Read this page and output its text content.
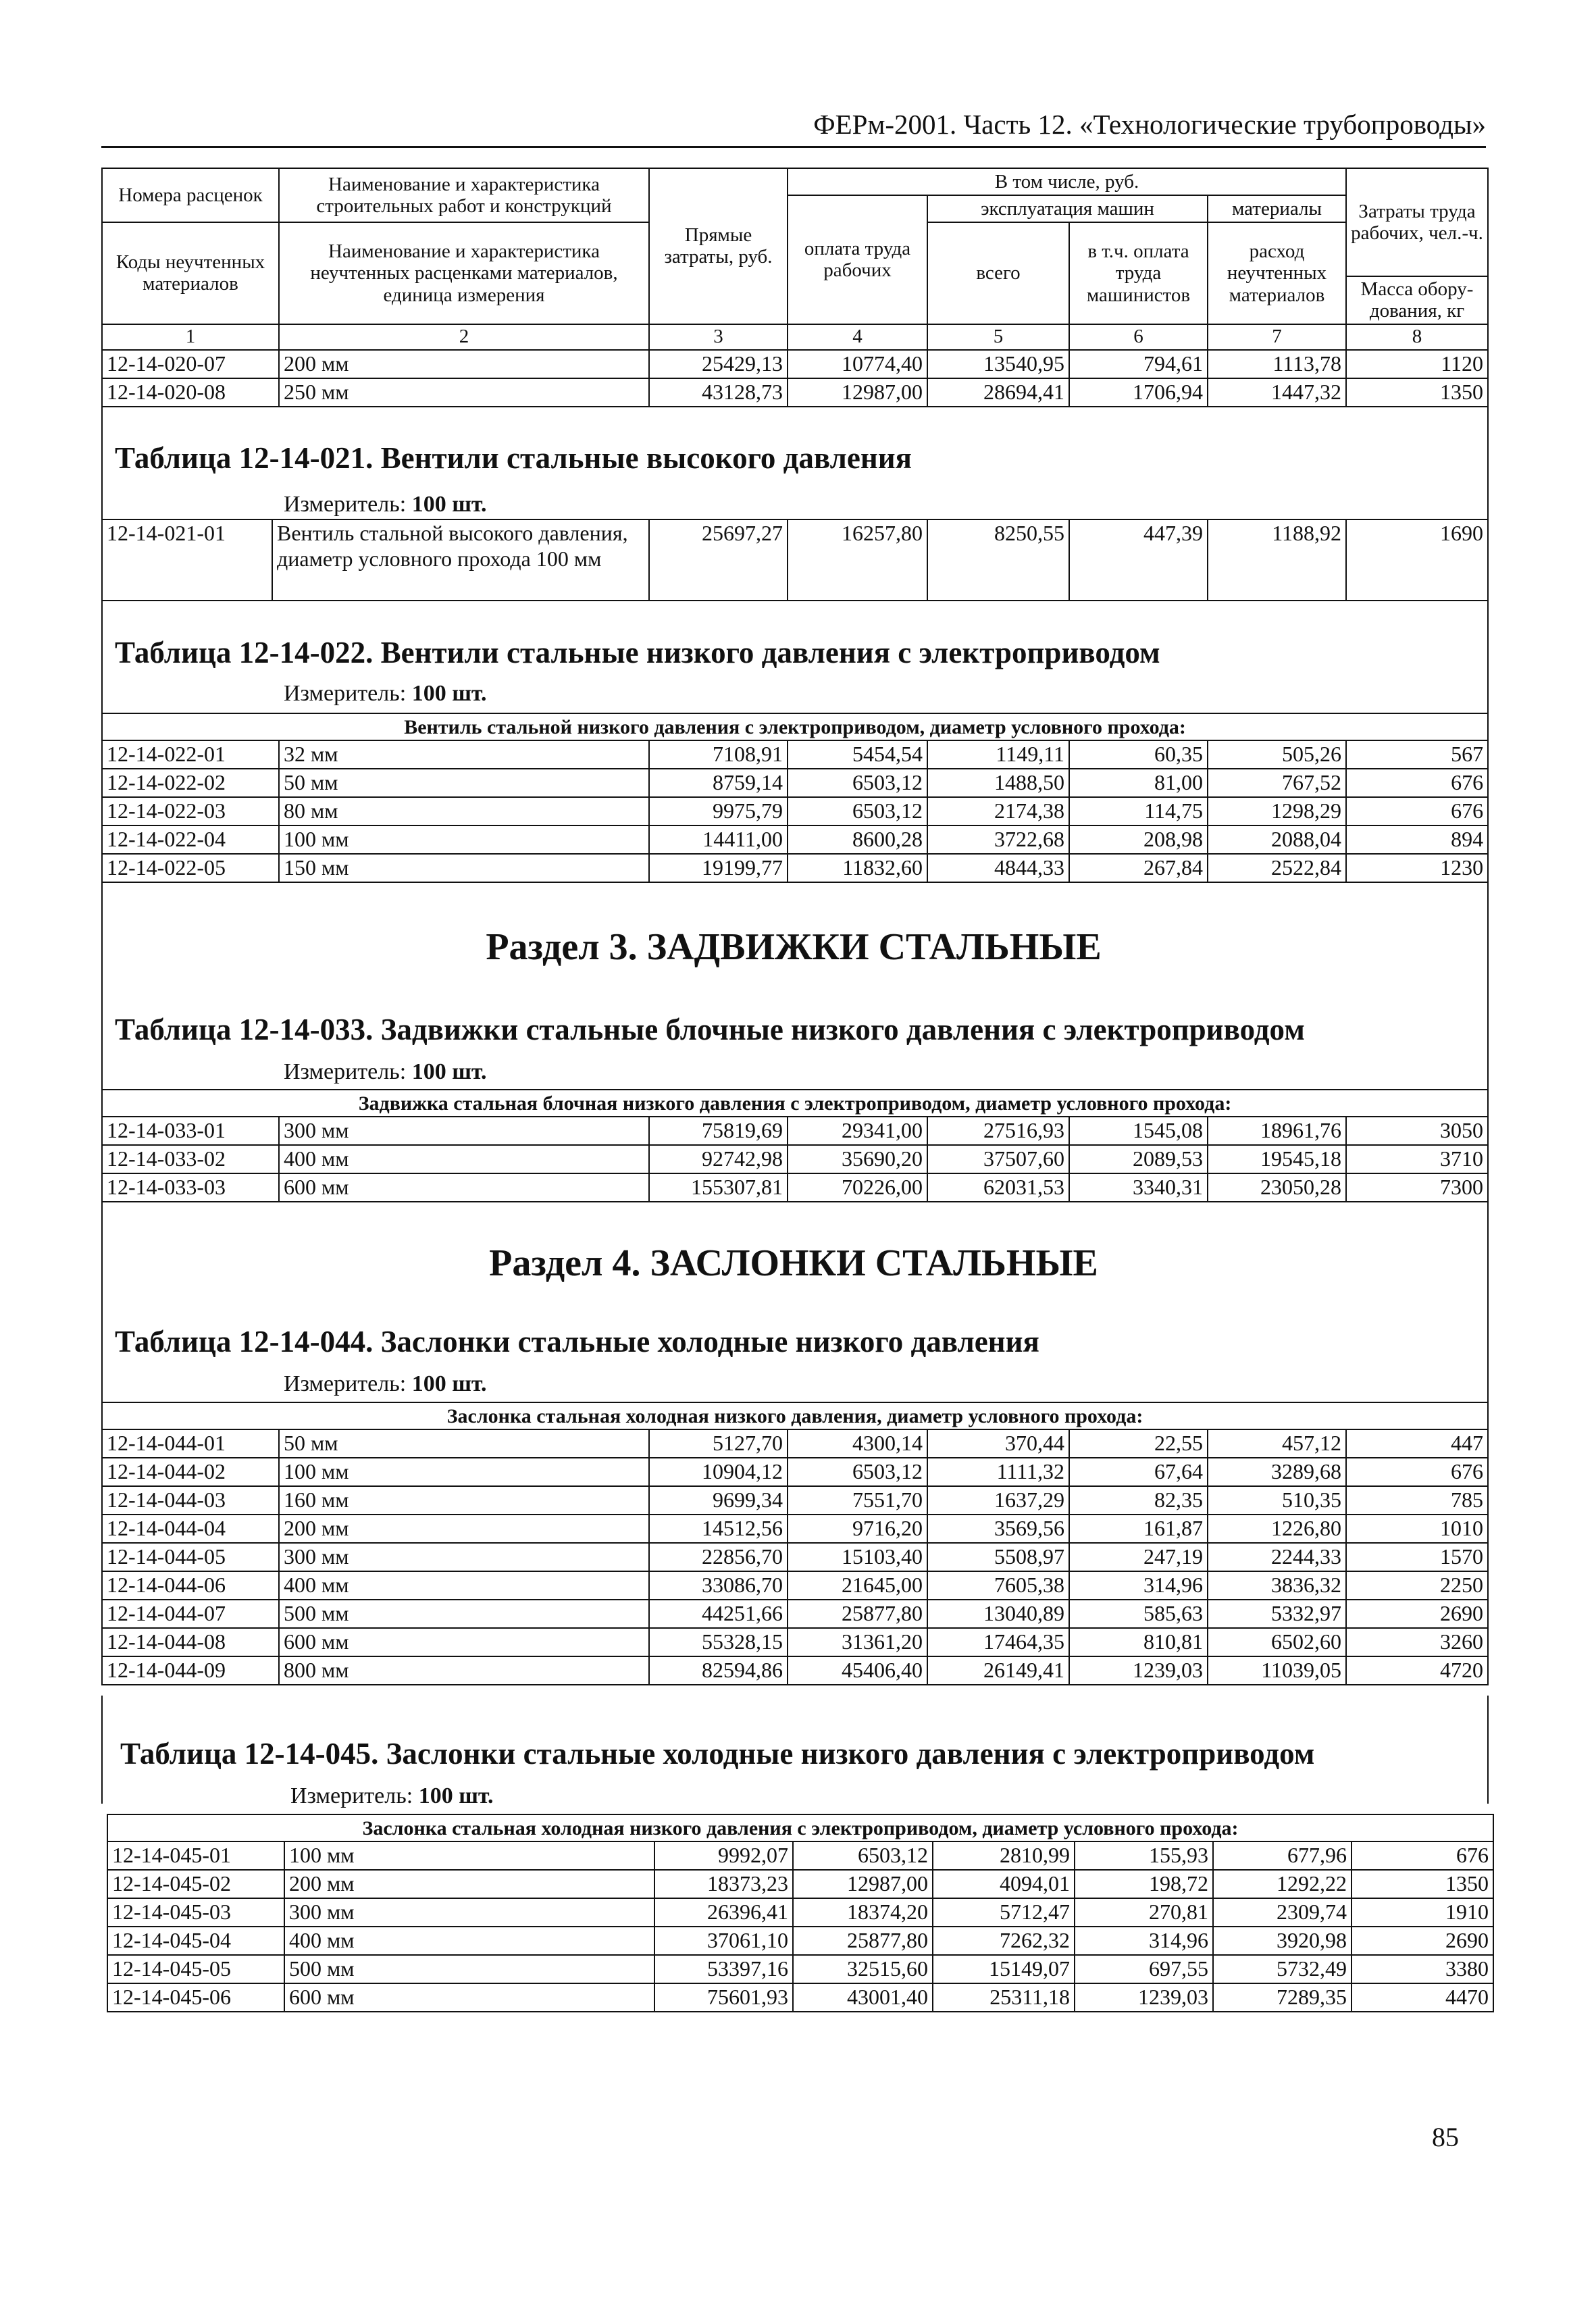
ФЕРм-2001. Часть 12. «Технологические трубопроводы»
Номера расценок	Наименование и характеристика строительных работ и конструкций	Прямые затраты, руб.	В том числе, руб.				Затраты труда рабочих, чел.-ч.
			оплата труда рабочих	эксплуатация машин		материалы	
Коды неучтенных материалов	Наименование и характеристика неучтенных расценками материалов, единица измерения			всего	в т.ч. оплата труда машинистов	расход неучтенных материалов	
							Масса обору- дования, кг
1	2	3	4	5	6	7	8
12-14-020-07	200 мм	25429,13	10774,40	13540,95	794,61	1113,78	1120
12-14-020-08	250 мм	43128,73	12987,00	28694,41	1706,94	1447,32	1350
Таблица 12-14-021. Вентили стальные высокого давления
Измеритель: 100 шт.
12-14-021-01	Вентиль стальной высокого давления, диаметр условного прохода 100 мм	25697,27	16257,80	8250,55	447,39	1188,92	1690
Таблица 12-14-022. Вентили стальные низкого давления с электроприводом
Измеритель: 100 шт.
Вентиль стальной низкого давления с электроприводом, диаметр условного прохода:							
12-14-022-01	32 мм	7108,91	5454,54	1149,11	60,35	505,26	567
12-14-022-02	50 мм	8759,14	6503,12	1488,50	81,00	767,52	676
12-14-022-03	80 мм	9975,79	6503,12	2174,38	114,75	1298,29	676
12-14-022-04	100 мм	14411,00	8600,28	3722,68	208,98	2088,04	894
12-14-022-05	150 мм	19199,77	11832,60	4844,33	267,84	2522,84	1230
Раздел 3. ЗАДВИЖКИ СТАЛЬНЫЕ
Таблица 12-14-033. Задвижки стальные блочные низкого давления с электроприводом
Измеритель: 100 шт.
Задвижка стальная блочная низкого давления с электроприводом, диаметр условного прохода:							
12-14-033-01	300 мм	75819,69	29341,00	27516,93	1545,08	18961,76	3050
12-14-033-02	400 мм	92742,98	35690,20	37507,60	2089,53	19545,18	3710
12-14-033-03	600 мм	155307,81	70226,00	62031,53	3340,31	23050,28	7300
Раздел 4. ЗАСЛОНКИ СТАЛЬНЫЕ
Таблица 12-14-044. Заслонки стальные холодные низкого давления
Измеритель: 100 шт.
Заслонка стальная холодная низкого давления, диаметр условного прохода:							
12-14-044-01	50 мм	5127,70	4300,14	370,44	22,55	457,12	447
12-14-044-02	100 мм	10904,12	6503,12	1111,32	67,64	3289,68	676
12-14-044-03	160 мм	9699,34	7551,70	1637,29	82,35	510,35	785
12-14-044-04	200 мм	14512,56	9716,20	3569,56	161,87	1226,80	1010
12-14-044-05	300 мм	22856,70	15103,40	5508,97	247,19	2244,33	1570
12-14-044-06	400 мм	33086,70	21645,00	7605,38	314,96	3836,32	2250
12-14-044-07	500 мм	44251,66	25877,80	13040,89	585,63	5332,97	2690
12-14-044-08	600 мм	55328,15	31361,20	17464,35	810,81	6502,60	3260
12-14-044-09	800 мм	82594,86	45406,40	26149,41	1239,03	11039,05	4720
Таблица 12-14-045. Заслонки стальные холодные низкого давления с электроприводом
Измеритель: 100 шт.
Заслонка стальная холодная низкого давления с электроприводом, диаметр условного прохода:							
12-14-045-01	100 мм	9992,07	6503,12	2810,99	155,93	677,96	676
12-14-045-02	200 мм	18373,23	12987,00	4094,01	198,72	1292,22	1350
12-14-045-03	300 мм	26396,41	18374,20	5712,47	270,81	2309,74	1910
12-14-045-04	400 мм	37061,10	25877,80	7262,32	314,96	3920,98	2690
12-14-045-05	500 мм	53397,16	32515,60	15149,07	697,55	5732,49	3380
12-14-045-06	600 мм	75601,93	43001,40	25311,18	1239,03	7289,35	4470
85
